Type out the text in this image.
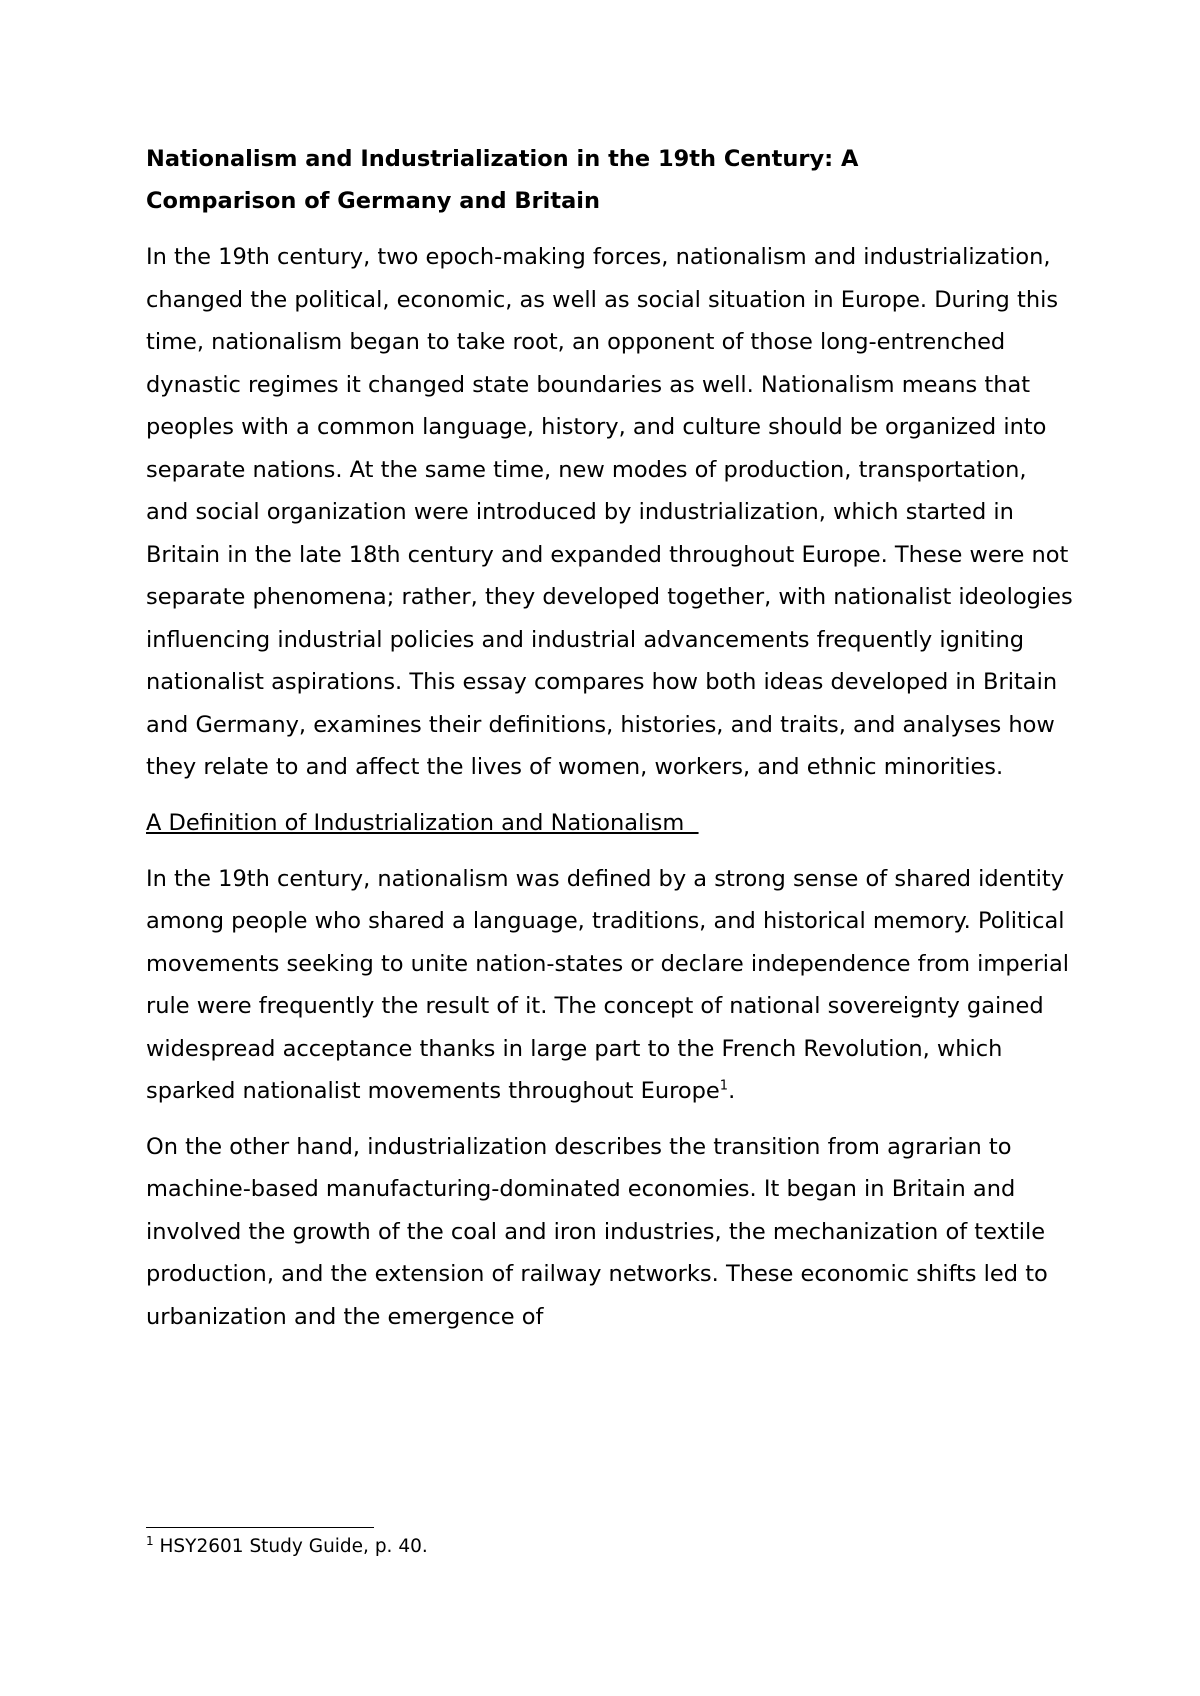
Nationalism and Industrialization in the 19th Century: A
Comparison of Germany and Britain

In the 19th century, two epoch-making forces, nationalism and industrialization, changed the political, economic, as well as social situation in Europe. During this time, nationalism began to take root, an opponent of those long-entrenched dynastic regimes it changed state boundaries as well. Nationalism means that peoples with a common language, history, and culture should be organized into separate nations. At the same time, new modes of production, transportation, and social organization were introduced by industrialization, which started in Britain in the late 18th century and expanded throughout Europe. These were not separate phenomena; rather, they developed together, with nationalist ideologies influencing industrial policies and industrial advancements frequently igniting nationalist aspirations. This essay compares how both ideas developed in Britain and Germany, examines their definitions, histories, and traits, and analyses how they relate to and affect the lives of women, workers, and ethnic minorities.

A Definition of Industrialization and Nationalism

In the 19th century, nationalism was defined by a strong sense of shared identity among people who shared a language, traditions, and historical memory. Political movements seeking to unite nation-states or declare independence from imperial rule were frequently the result of it. The concept of national sovereignty gained widespread acceptance thanks in large part to the French Revolution, which sparked nationalist movements throughout Europe$^1$.

On the other hand, industrialization describes the transition from agrarian to machine-based manufacturing-dominated economies. It began in Britain and involved the growth of the coal and iron industries, the mechanization of textile production, and the extension of railway networks. These economic shifts led to urbanization and the emergence of

$^1$ HSY2601 Study Guide, p. 40.
